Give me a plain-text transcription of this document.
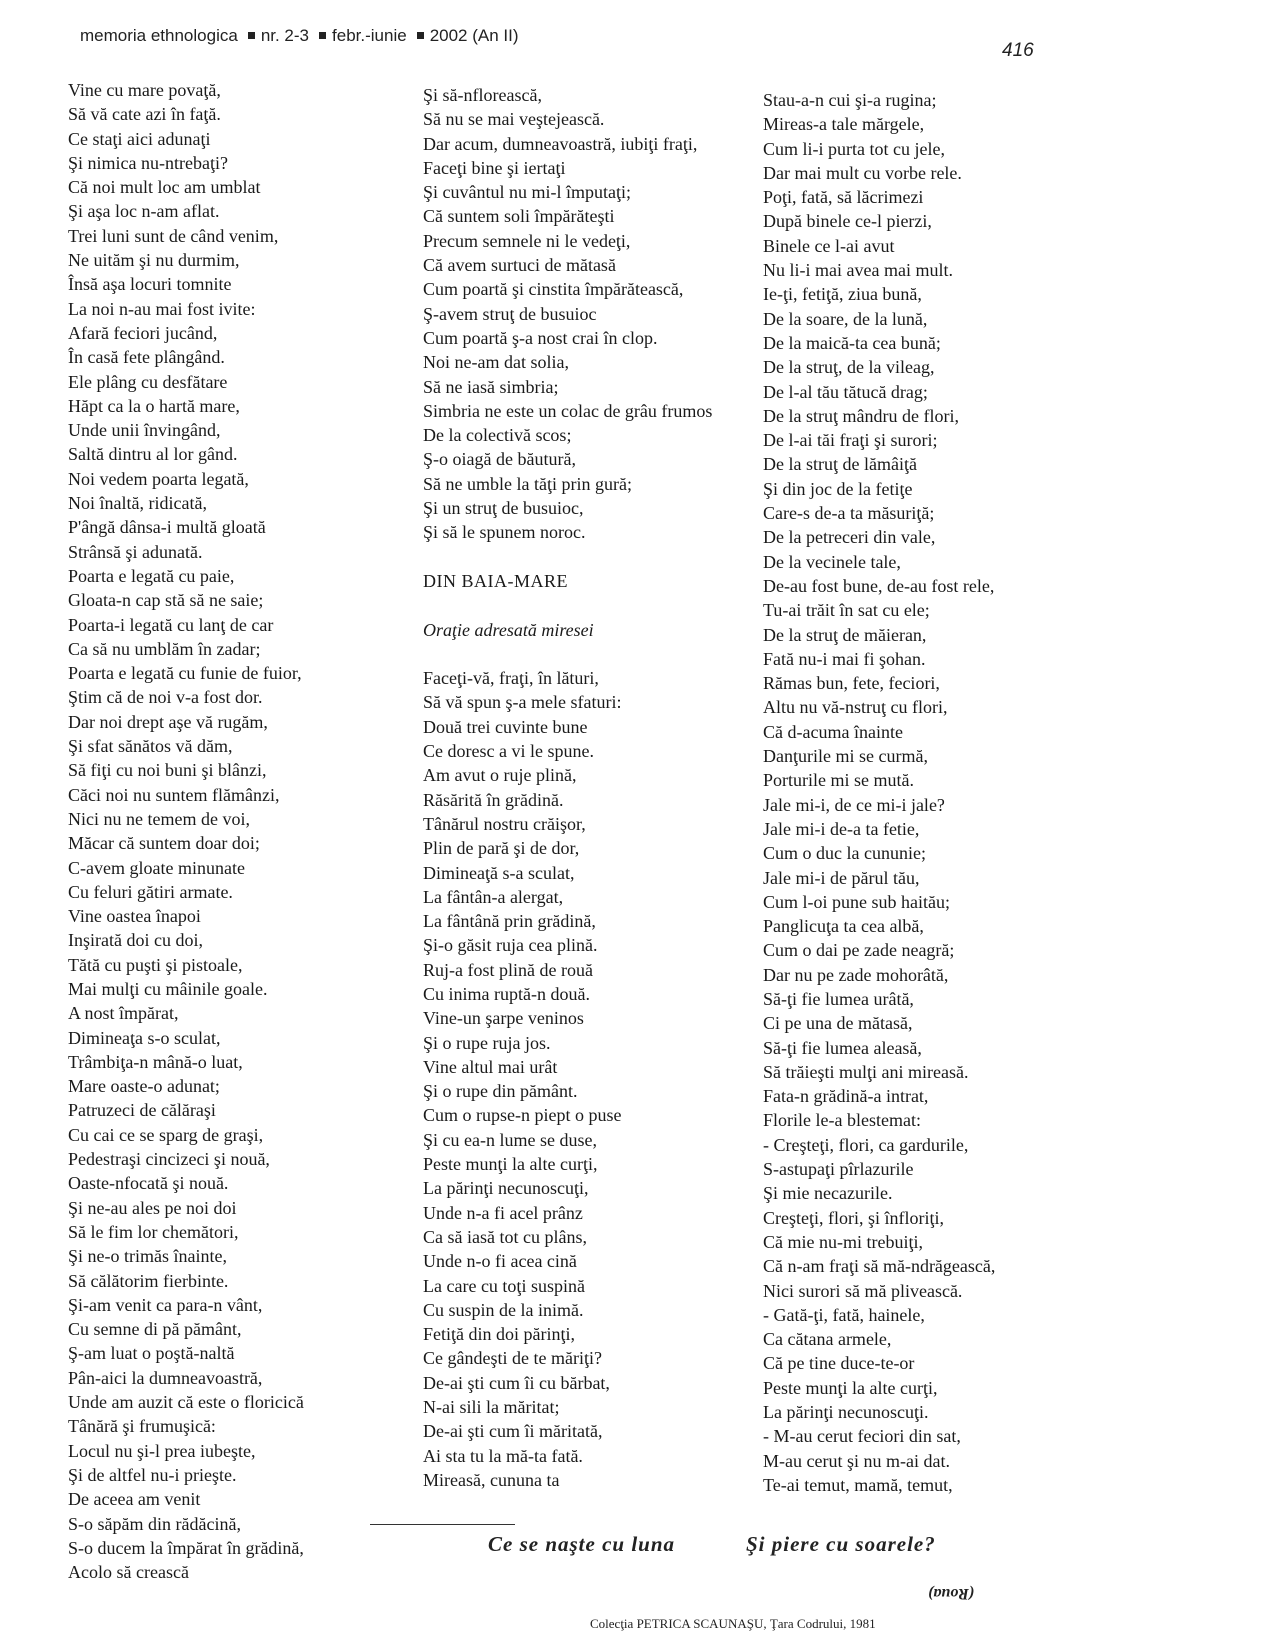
memoria ethnologica nr. 2-3 febr.-iunie 2002 (An II)
416
Vine cu mare povaţă,
Să vă cate azi în faţă.
Ce staţi aici adunaţi
Şi nimica nu-ntrebaţi?
Că noi mult loc am umblat
Şi aşa loc n-am aflat.
Trei luni sunt de când venim,
Ne uităm şi nu durmim,
Însă aşa locuri tomnite
La noi n-au mai fost ivite:
Afară feciori jucând,
În casă fete plângând.
Ele plâng cu desfătare
Hăpt ca la o hartă mare,
Unde unii învingând,
Saltă dintru al lor gând.
Noi vedem poarta legată,
Noi înaltă, ridicată,
P'ângă dânsa-i multă gloată
Strânsă şi adunată.
Poarta e legată cu paie,
Gloata-n cap stă să ne saie;
Poarta-i legată cu lanţ de car
Ca să nu umblăm în zadar;
Poarta e legată cu funie de fuior,
Ştim că de noi v-a fost dor.
Dar noi drept aşe vă rugăm,
Şi sfat sănătos vă dăm,
Să fiţi cu noi buni şi blânzi,
Căci noi nu suntem flămânzi,
Nici nu ne temem de voi,
Măcar că suntem doar doi;
C-avem gloate minunate
Cu feluri gătiri armate.
Vine oastea înapoi
Inşirată doi cu doi,
Tătă cu puşti şi pistoale,
Mai mulţi cu mâinile goale.
A nost împărat,
Dimineaţa s-o sculat,
Trâmbiţa-n mână-o luat,
Mare oaste-o adunat;
Patruzeci de călăraşi
Cu cai ce se sparg de graşi,
Pedestraşi cincizeci şi nouă,
Oaste-nfocată şi nouă.
Şi ne-au ales pe noi doi
Să le fim lor chemători,
Şi ne-o trimăs înainte,
Să călătorim fierbinte.
Şi-am venit ca para-n vânt,
Cu semne di pă pământ,
Ş-am luat o poştă-naltă
Pân-aici la dumneavoastră,
Unde am auzit că este o floricică
Tânără şi frumuşică:
Locul nu şi-l prea iubeşte,
Şi de altfel nu-i prieşte.
De aceea am venit
S-o săpăm din rădăcină,
S-o ducem la împărat în grădină,
Acolo să crească
Şi să-nflorească,
Să nu se mai veştejească.
Dar acum, dumneavoastră, iubiţi fraţi,
Faceţi bine şi iertaţi
Şi cuvântul nu mi-l împutaţi;
Că suntem soli împărăteşti
Precum semnele ni le vedeţi,
Că avem surtuci de mătasă
Cum poartă şi cinstita împărătească,
Ş-avem struţ de busuioc
Cum poartă ş-a nost crai în clop.
Noi ne-am dat solia,
Să ne iasă simbria;
Simbria ne este un colac de grâu frumos
De la colectivă scos;
Ş-o oiagă de băutură,
Să ne umble la tăţi prin gură;
Şi un struţ de busuioc,
Şi să le spunem noroc.
DIN BAIA-MARE
Oraţie adresată miresei
Faceţi-vă, fraţi, în lături,
Să vă spun ş-a mele sfaturi:
Două trei cuvinte bune
Ce doresc a vi le spune.
Am avut o ruje plină,
Răsărită în grădină.
Tânărul nostru crăişor,
Plin de pară şi de dor,
Dimineaţă s-a sculat,
La fântân-a alergat,
La fântână prin grădină,
Şi-o găsit ruja cea plină.
Ruj-a fost plină de rouă
Cu inima ruptă-n două.
Vine-un şarpe veninos
Şi o rupe ruja jos.
Vine altul mai urât
Şi o rupe din pământ.
Cum o rupse-n piept o puse
Şi cu ea-n lume se duse,
Peste munţi la alte curţi,
La părinţi necunoscuţi,
Unde n-a fi acel prânz
Ca să iasă tot cu plâns,
Unde n-o fi acea cină
La care cu toţi suspină
Cu suspin de la inimă.
Fetiţă din doi părinţi,
Ce gândeşti de te măriţi?
De-ai şti cum îi cu bărbat,
N-ai sili la măritat;
De-ai şti cum îi măritată,
Ai sta tu la mă-ta fată.
Mireasă, cununa ta
Stau-a-n cui şi-a rugina;
Mireas-a tale mărgele,
Cum li-i purta tot cu jele,
Dar mai mult cu vorbe rele.
Poţi, fată, să lăcrimezi
După binele ce-l pierzi,
Binele ce l-ai avut
Nu li-i mai avea mai mult.
Ie-ţi, fetiţă, ziua bună,
De la soare, de la lună,
De la maică-ta cea bună;
De la struţ, de la vileag,
De l-al tău tătucă drag;
De la struţ mândru de flori,
De l-ai tăi fraţi şi surori;
De la struţ de lămâiţă
Şi din joc de la fetiţe
Care-s de-a ta măsuriţă;
De la petreceri din vale,
De la vecinele tale,
De-au fost bune, de-au fost rele,
Tu-ai trăit în sat cu ele;
De la struţ de măieran,
Fată nu-i mai fi şohan.
Rămas bun, fete, feciori,
Altu nu vă-nstruţ cu flori,
Că d-acuma înainte
Danţurile mi se curmă,
Porturile mi se mută.
Jale mi-i, de ce mi-i jale?
Jale mi-i de-a ta fetie,
Cum o duc la cununie;
Jale mi-i de părul tău,
Cum l-oi pune sub haitău;
Panglicuţa ta cea albă,
Cum o dai pe zade neagră;
Dar nu pe zade mohorâtă,
Să-ţi fie lumea urâtă,
Ci pe una de mătasă,
Să-ţi fie lumea aleasă,
Să trăieşti mulţi ani mireasă.
Fata-n grădină-a intrat,
Florile le-a blestemat:
- Creşteţi, flori, ca gardurile,
S-astupaţi pîrlazurile
Şi mie necazurile.
Creşteţi, flori, şi înfloriţi,
Că mie nu-mi trebuiţi,
Că n-am fraţi să mă-ndrăgească,
Nici surori să mă plivească.
- Gată-ţi, fată, hainele,
Ca cătana armele,
Că pe tine duce-te-or
Peste munţi la alte curţi,
La părinţi necunoscuţi.
- M-au cerut feciori din sat,
M-au cerut şi nu m-ai dat.
Te-ai temut, mamă, temut,
Ce se naşte cu luna	Şi piere cu soarele?
(Roua)
Colecţia PETRICA SCAUNAŞU, Ţara Codrului, 1981
